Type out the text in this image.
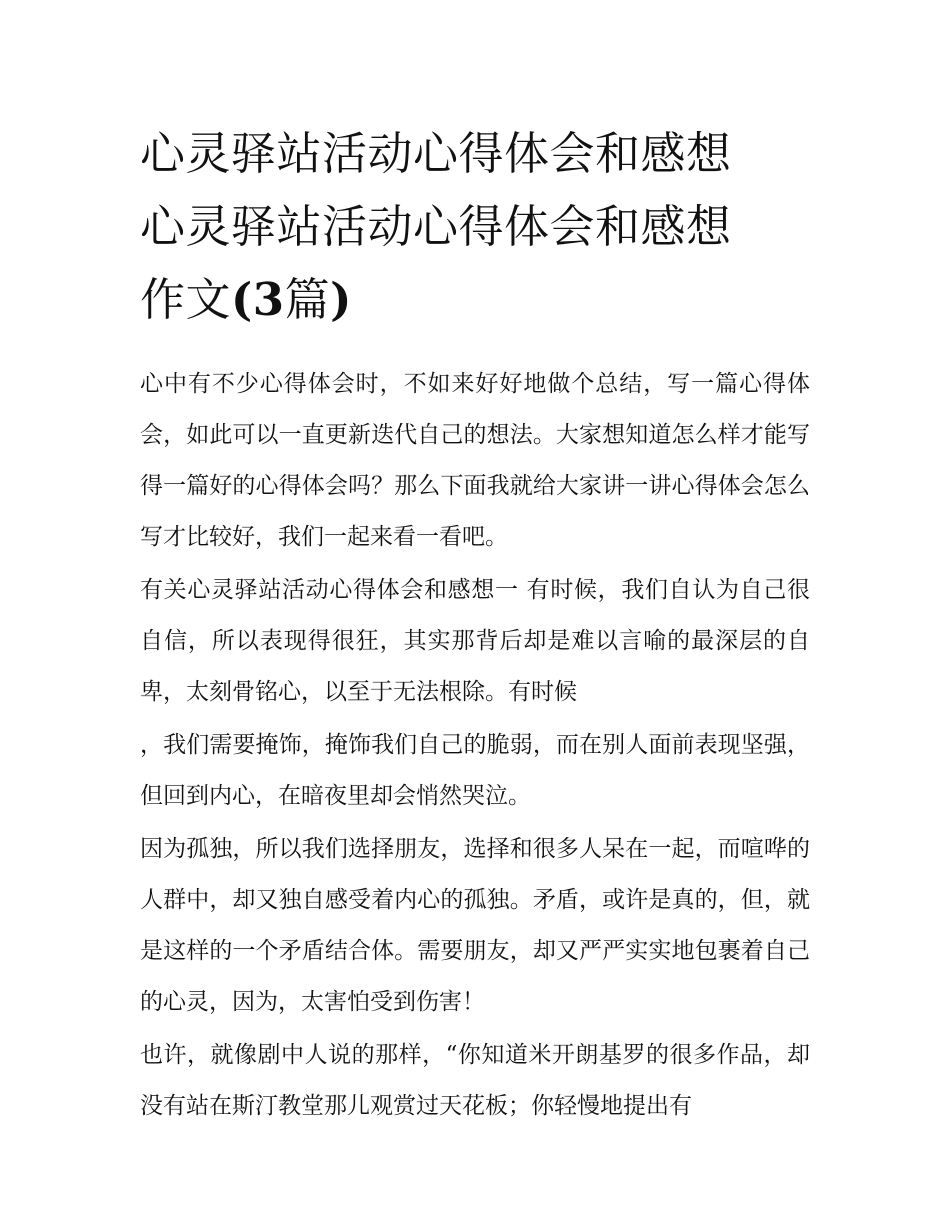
心灵驿站活动心得体会和感想
心灵驿站活动心得体会和感想
作文(3篇)

心中有不少心得体会时，不如来好好地做个总结，写一篇心得体会，如此可以一直更新迭代自己的想法。大家想知道怎么样才能写得一篇好的心得体会吗？那么下面我就给大家讲一讲心得体会怎么写才比较好，我们一起来看一看吧。

有关心灵驿站活动心得体会和感想一 有时候，我们自认为自己很自信，所以表现得很狂，其实那背后却是难以言喻的最深层的自卑，太刻骨铭心，以至于无法根除。有时候

，我们需要掩饰，掩饰我们自己的脆弱，而在别人面前表现坚强，但回到内心，在暗夜里却会悄然哭泣。

因为孤独，所以我们选择朋友，选择和很多人呆在一起，而喧哗的人群中，却又独自感受着内心的孤独。矛盾，或许是真的，但，就是这样的一个矛盾结合体。需要朋友，却又严严实实地包裹着自己的心灵，因为，太害怕受到伤害！

也许，就像剧中人说的那样，“你知道米开朗基罗的很多作品，却没有站在斯汀教堂那儿观赏过天花板；你轻慢地提出有
